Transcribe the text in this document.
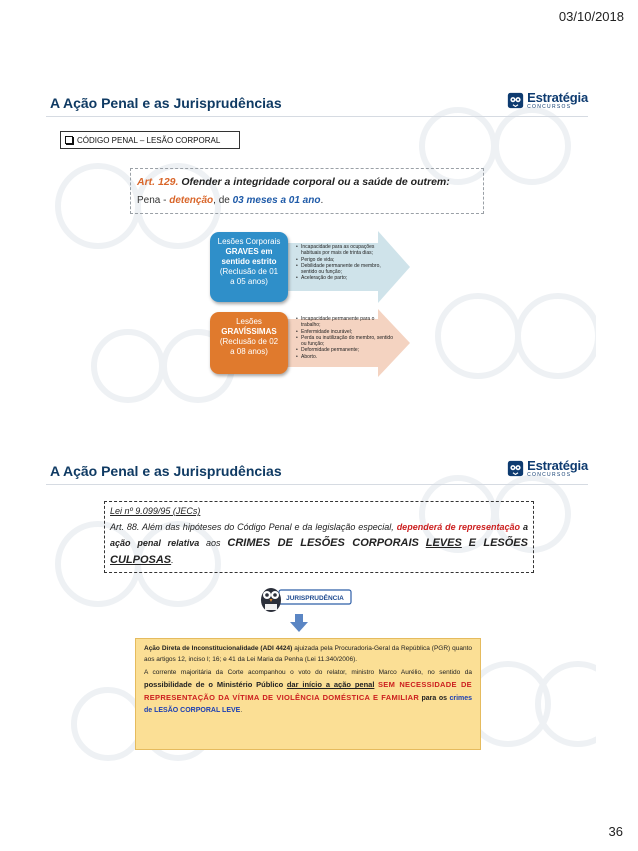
03/10/2018
A Ação Penal e as Jurisprudências	Estratégia
CONCURSOS
CÓDIGO PENAL – LESÃO CORPORAL
Art. 129. Ofender a integridade corporal ou a saúde de outrem:
Pena - detenção, de 03 meses a 01 ano.
Lesões Corporais
GRAVES em
sentido estrito
(Reclusão de 01
a 05 anos)
• Incapacidade para as ocupações habituais por mais de trinta dias;
• Perigo de vida;
• Debilidade permanente de membro, sentido ou função;
• Aceleração de parto;
Lesões
GRAVÍSSIMAS
(Reclusão de 02
a 08 anos)
• Incapacidade permanente para o trabalho;
• Enfermidade incurável;
• Perda ou inutilização do membro, sentido ou função;
• Deformidade permanente;
• Aborto.
A Ação Penal e as Jurisprudências	Estratégia
CONCURSOS
Lei nº 9.099/95 (JECs)

Art. 88. Além das hipóteses do Código Penal e da legislação especial, dependerá de representação a ação penal relativa aos CRIMES DE LESÕES CORPORAIS LEVES E LESÕES CULPOSAS.

JURISPRUDÊNCIA

Ação Direta de Inconstitucionalidade (ADI 4424) ajuizada pela Procuradoria-Geral da República (PGR) quanto aos artigos 12, inciso I; 16; e 41 da Lei Maria da Penha (Lei 11.340/2006).

A corrente majoritária da Corte acompanhou o voto do relator, ministro Marco Aurélio, no sentido da possibilidade de o Ministério Público dar início a ação penal SEM NECESSIDADE DE REPRESENTAÇÃO DA VÍTIMA DE VIOLÊNCIA DOMÉSTICA E FAMILIAR para os crimes de LESÃO CORPORAL LEVE.

36
